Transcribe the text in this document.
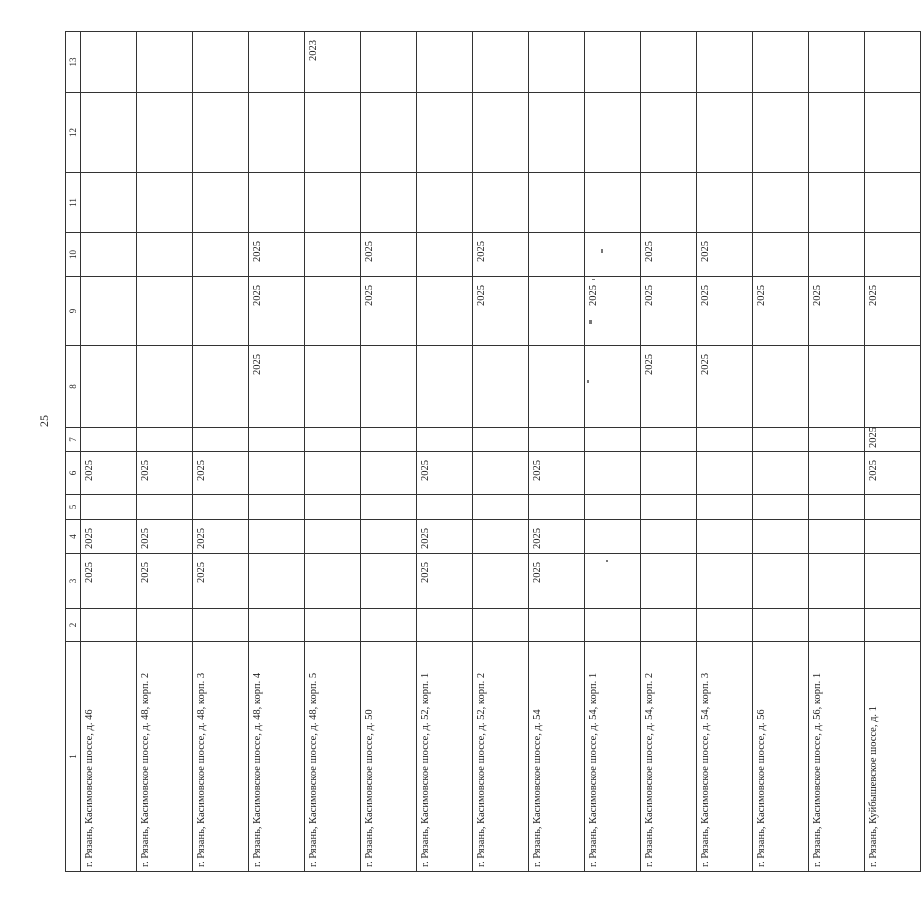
25
1	2	3	4	5	6	7	8	9	10	11	12	13
г. Рязань, Касимовское шоссе, д. 46		2025	2025		2025							
г. Рязань, Касимовское шоссе, д. 48, корп. 2		2025	2025		2025							
г. Рязань, Касимовское шоссе, д. 48, корп. 3		2025	2025		2025							
г. Рязань, Касимовское шоссе, д. 48, корп. 4							2025	2025	2025			
г. Рязань, Касимовское шоссе, д. 48, корп. 5												2023
г. Рязань, Касимовское шоссе, д. 50								2025	2025			
г. Рязань, Касимовское шоссе, д. 52, корп. 1		2025	2025		2025							
г. Рязань, Касимовское шоссе, д. 52, корп. 2								2025	2025			
г. Рязань, Касимовское шоссе, д. 54		2025	2025		2025							
г. Рязань, Касимовское шоссе, д. 54, корп. 1								2025				
г. Рязань, Касимовское шоссе, д. 54, корп. 2							2025	2025	2025			
г. Рязань, Касимовское шоссе, д. 54, корп. 3							2025	2025	2025			
г. Рязань, Касимовское шоссе, д. 56								2025				
г. Рязань, Касимовское шоссе, д. 56, корп. 1								2025				
г. Рязань, Куйбышевское шоссе, д. 1					2025	2025		2025				
